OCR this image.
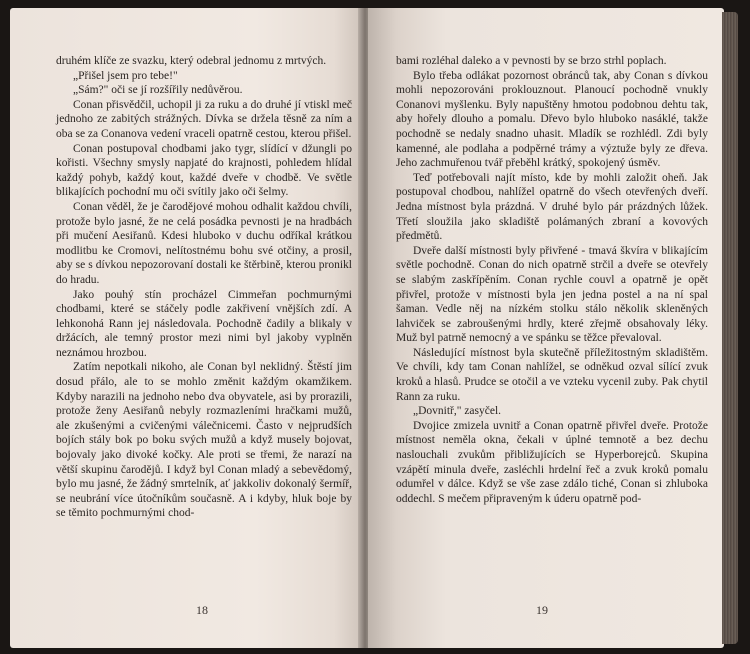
druhém klíče ze svazku, který odebral jednomu z mrtvých.

„Přišel jsem pro tebe!"

„Sám?" oči se jí rozšířily nedůvěrou.

Conan přisvědčil, uchopil ji za ruku a do druhé jí vtiskl meč jednoho ze zabitých strážných. Dívka se držela těsně za ním a oba se za Conanova vedení vraceli opatrně cestou, kterou přišel.

Conan postupoval chodbami jako tygr, slídící v džungli po kořisti. Všechny smysly napjaté do krajnosti, pohledem hlídal každý pohyb, každý kout, každé dveře v chodbě. Ve světle blikajících pochodní mu oči svítily jako oči šelmy.

Conan věděl, že je čarodějové mohou odhalit každou chvíli, protože bylo jasné, že ne celá posádka pevnosti je na hradbách při mučení Aesiřanů. Kdesi hluboko v duchu odříkal krátkou modlitbu ke Cromovi, nelítostnému bohu své otčiny, a prosil, aby se s dívkou nepozorovaní dostali ke štěrbině, kterou pronikl do hradu.

Jako pouhý stín procházel Cimmeřan pochmurnými chodbami, které se stáčely podle zakřivení vnějších zdí. A lehkonohá Rann jej následovala. Pochodně čadily a blikaly v držácích, ale temný prostor mezi nimi byl jakoby vyplněn neznámou hrozbou.

Zatím nepotkali nikoho, ale Conan byl neklidný. Štěstí jim dosud přálo, ale to se mohlo změnit každým okamžikem. Kdyby narazili na jednoho nebo dva obyvatele, asi by prorazili, protože ženy Aesiřanů nebyly rozmazleními hračkami mužů, ale zkušenými a cvičenými válečnicemi. Často v nejprudších bojích stály bok po boku svých mužů a když musely bojovat, bojovaly jako divoké kočky. Ale proti se třemi, že narazí na větší skupinu čarodějů. I když byl Conan mladý a sebevědomý, bylo mu jasné, že žádný smrtelník, ať jakkoliv dokonalý šermíř, se neubrání více útočníkům současně. A i kdyby, hluk boje by se těmito pochmurnými chod-

18

bami rozléhal daleko a v pevnosti by se brzo strhl poplach.

Bylo třeba odlákat pozornost obránců tak, aby Conan s dívkou mohli nepozorováni proklouznout. Planoucí pochodně vnukly Conanovi myšlenku. Byly napuštěny hmotou podobnou dehtu tak, aby hořely dlouho a pomalu. Dřevo bylo hluboko nasáklé, takže pochodně se nedaly snadno uhasit. Mladík se rozhlédl. Zdi byly kamenné, ale podlaha a podpěrné trámy a výztuže byly ze dřeva. Jeho zachmuřenou tvář přeběhl krátký, spokojený úsměv.

Teď potřebovali najít místo, kde by mohli založit oheň. Jak postupoval chodbou, nahlížel opatrně do všech otevřených dveří. Jedna místnost byla prázdná. V druhé bylo pár prázdných lůžek. Třetí sloužila jako skladiště polámaných zbraní a kovových předmětů.

Dveře další místnosti byly přivřené - tmavá škvíra v blikajícím světle pochodně. Conan do nich opatrně strčil a dveře se otevřely se slabým zaskřípěním. Conan rychle couvl a opatrně je opět přivřel, protože v místnosti byla jen jedna postel a na ní spal šaman. Vedle něj na nízkém stolku stálo několik skleněných lahviček se zabroušenými hrdly, které zřejmě obsahovaly léky. Muž byl patrně nemocný a ve spánku se těžce převaloval.

Následující místnost byla skutečně příležitostným skladištěm. Ve chvíli, kdy tam Conan nahlížel, se odněkud ozval sílící zvuk kroků a hlasů. Prudce se otočil a ve vzteku vycenil zuby. Pak chytil Rann za ruku.

„Dovnitř," zasyčel.

Dvojice zmizela uvnitř a Conan opatrně přivřel dveře. Protože místnost neměla okna, čekali v úplné temnotě a bez dechu naslouchali zvukům přibližujících se Hyperborejců. Skupina vzápětí minula dveře, zasléchli hrdelní řeč a zvuk kroků pomalu odumřel v dálce. Když se vše zase zdálo tiché, Conan si zhluboka oddechl. S mečem připraveným k úderu opatrně pod-

19
